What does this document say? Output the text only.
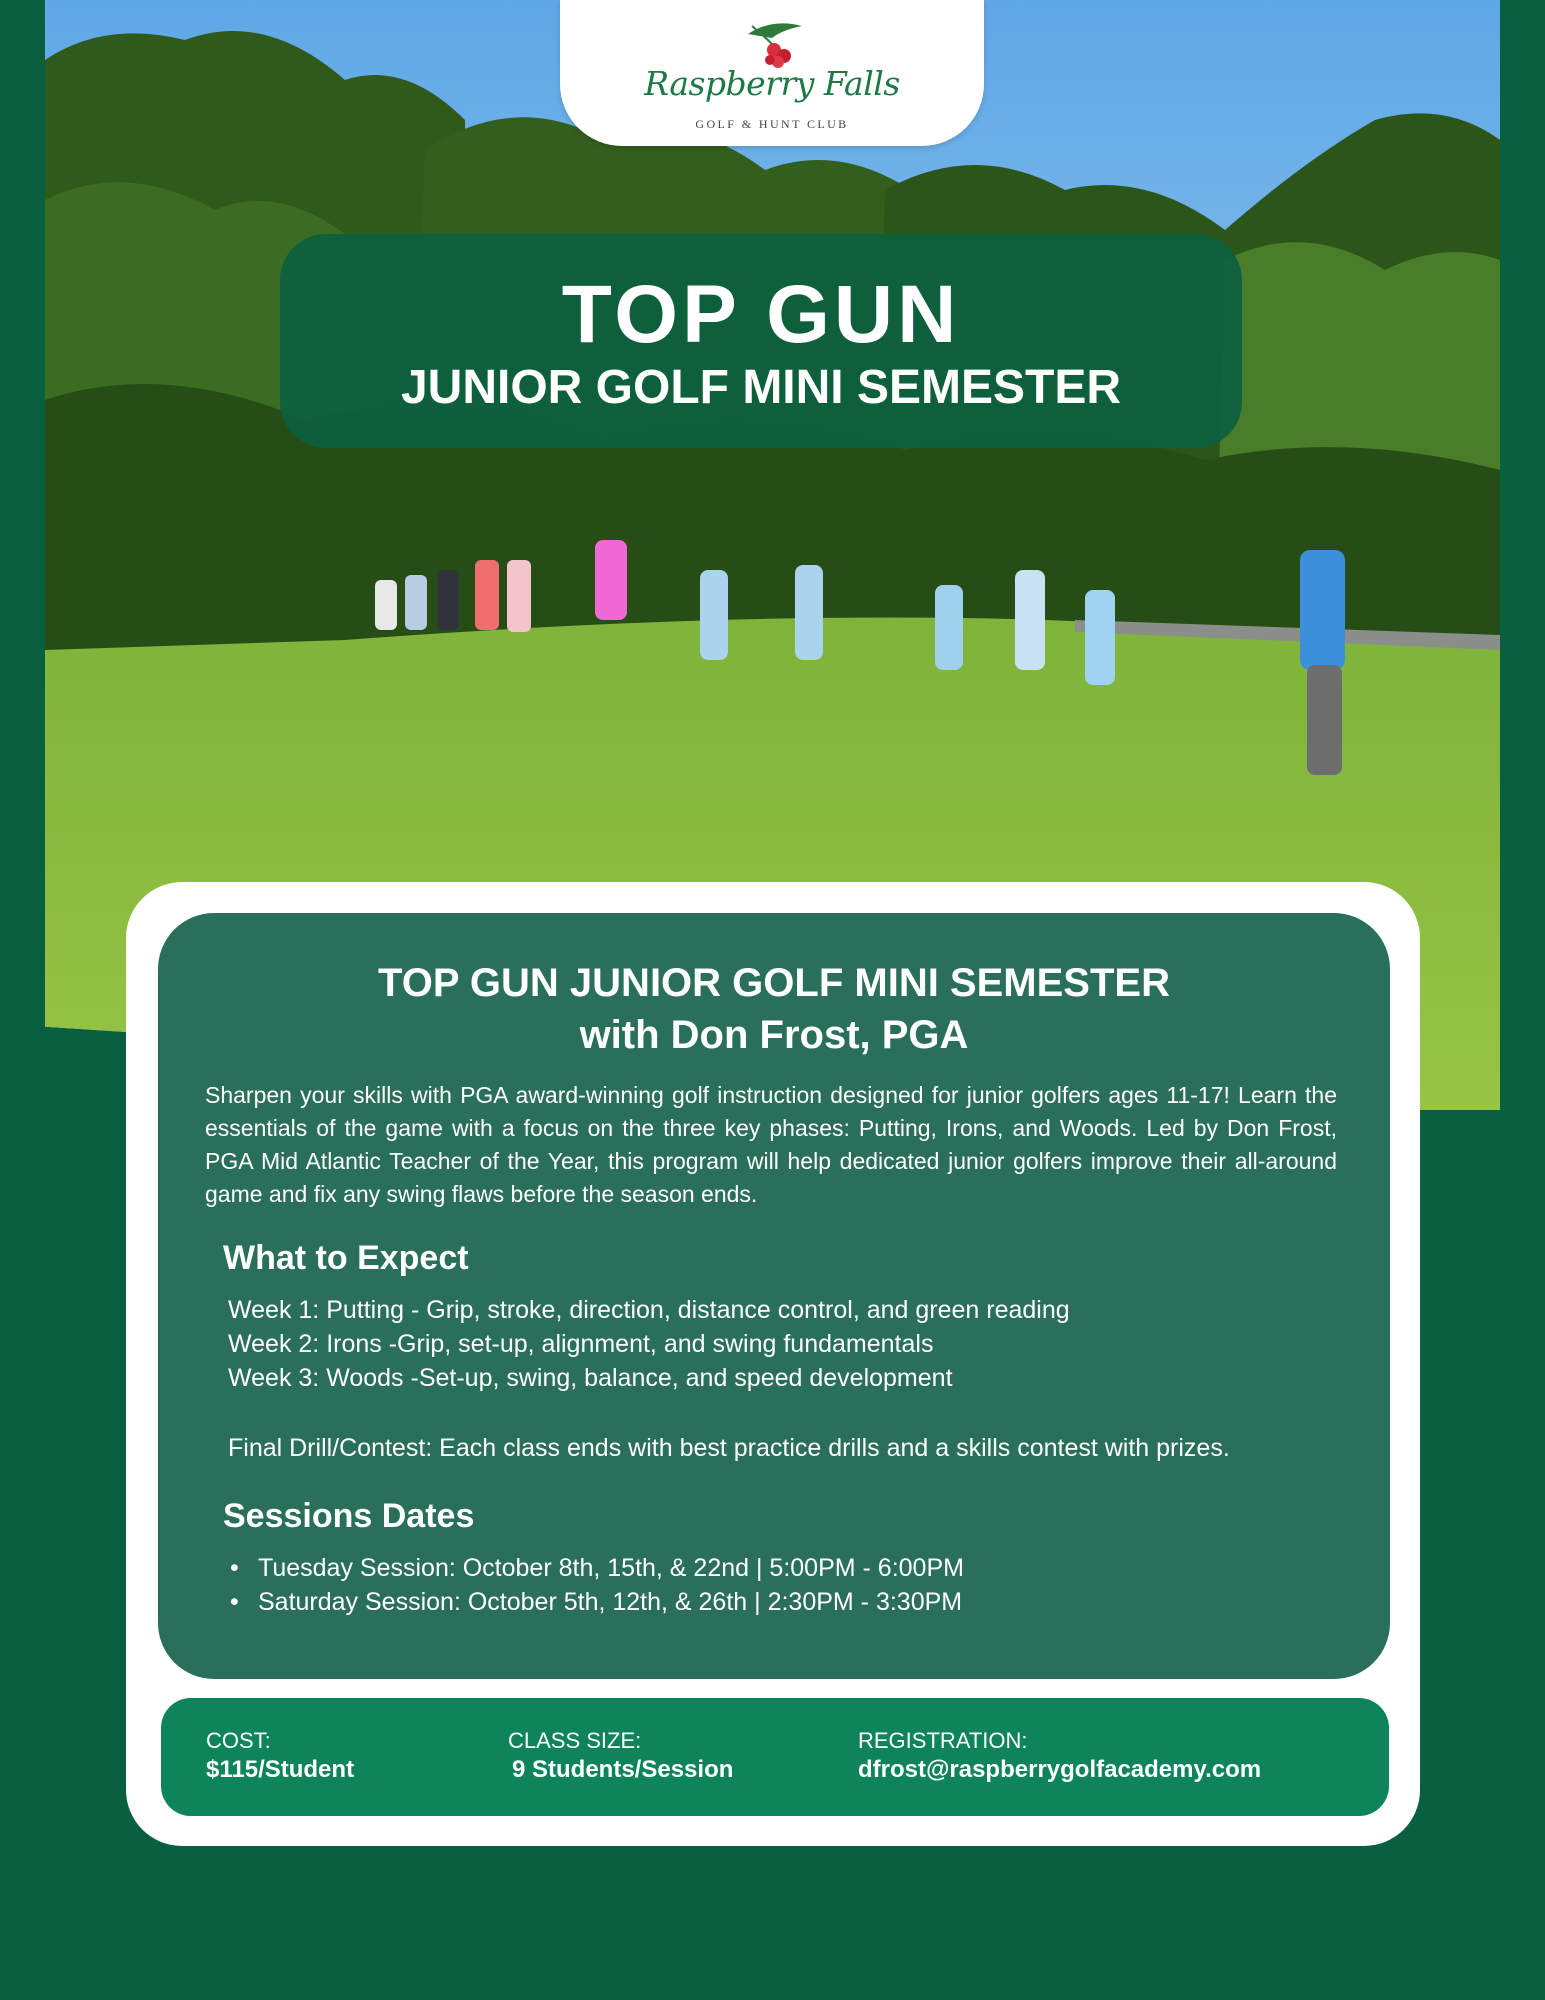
Raspberry Falls
GOLF & HUNT CLUB
TOP GUN
JUNIOR GOLF MINI SEMESTER
TOP GUN JUNIOR GOLF MINI SEMESTER
with Don Frost, PGA
Sharpen your skills with PGA award-winning golf instruction designed for junior golfers ages 11-17! Learn the essentials of the game with a focus on the three key phases: Putting, Irons, and Woods. Led by Don Frost, PGA Mid Atlantic Teacher of the Year, this program will help dedicated junior golfers improve their all-around game and fix any swing flaws before the season ends.
What to Expect
Week 1: Putting - Grip, stroke, direction, distance control, and green reading
Week 2: Irons -Grip, set-up, alignment, and swing fundamentals
Week 3: Woods -Set-up, swing, balance, and speed development
Final Drill/Contest: Each class ends with best practice drills and a skills contest with prizes.
Sessions Dates
• Tuesday Session: October 8th, 15th, & 22nd | 5:00PM - 6:00PM
• Saturday Session: October 5th, 12th, & 26th | 2:30PM - 3:30PM
COST:
$115/Student
CLASS SIZE:
9 Students/Session
REGISTRATION:
dfrost@raspberrygolfacademy.com
